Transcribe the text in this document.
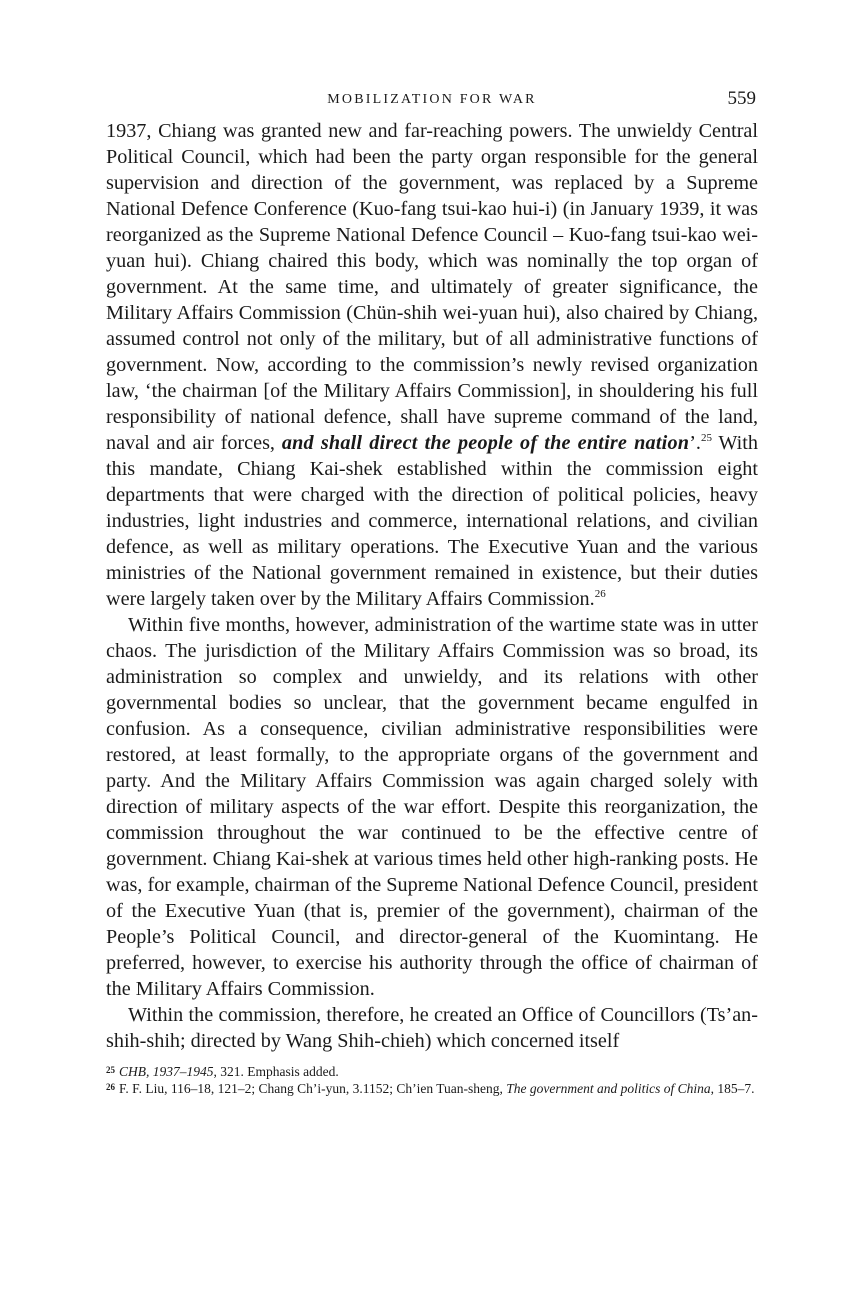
MOBILIZATION FOR WAR	559

1937, Chiang was granted new and far-reaching powers. The unwieldy Central Political Council, which had been the party organ responsible for the general supervision and direction of the government, was replaced by a Supreme National Defence Conference (Kuo-fang tsui-kao hui-i) (in January 1939, it was reorganized as the Supreme National Defence Council – Kuo-fang tsui-kao wei-yuan hui). Chiang chaired this body, which was nominally the top organ of government. At the same time, and ultimately of greater significance, the Military Affairs Commission (Chün-shih wei-yuan hui), also chaired by Chiang, assumed control not only of the military, but of all administrative functions of government. Now, according to the commission’s newly revised organization law, ‘the chairman [of the Military Affairs Commission], in shouldering his full responsibility of national defence, shall have supreme command of the land, naval and air forces, and shall direct the people of the entire nation’.$^{25}$ With this mandate, Chiang Kai-shek established within the commission eight departments that were charged with the direction of political policies, heavy industries, light industries and commerce, international relations, and civilian defence, as well as military operations. The Executive Yuan and the various ministries of the National government remained in existence, but their duties were largely taken over by the Military Affairs Commission.$^{26}$

Within five months, however, administration of the wartime state was in utter chaos. The jurisdiction of the Military Affairs Commission was so broad, its administration so complex and unwieldy, and its relations with other governmental bodies so unclear, that the government became engulfed in confusion. As a consequence, civilian administrative responsibilities were restored, at least formally, to the appropriate organs of the government and party. And the Military Affairs Commission was again charged solely with direction of military aspects of the war effort. Despite this reorganization, the commission throughout the war continued to be the effective centre of government. Chiang Kai-shek at various times held other high-ranking posts. He was, for example, chairman of the Supreme National Defence Council, president of the Executive Yuan (that is, premier of the government), chairman of the People’s Political Council, and director-general of the Kuomintang. He preferred, however, to exercise his authority through the office of chairman of the Military Affairs Commission.

Within the commission, therefore, he created an Office of Councillors (Ts’an-shih-shih; directed by Wang Shih-chieh) which concerned itself

25 CHB, 1937–1945, 321. Emphasis added.
26 F. F. Liu, 116–18, 121–2; Chang Ch’i-yun, 3.1152; Ch’ien Tuan-sheng, The government and politics of China, 185–7.
